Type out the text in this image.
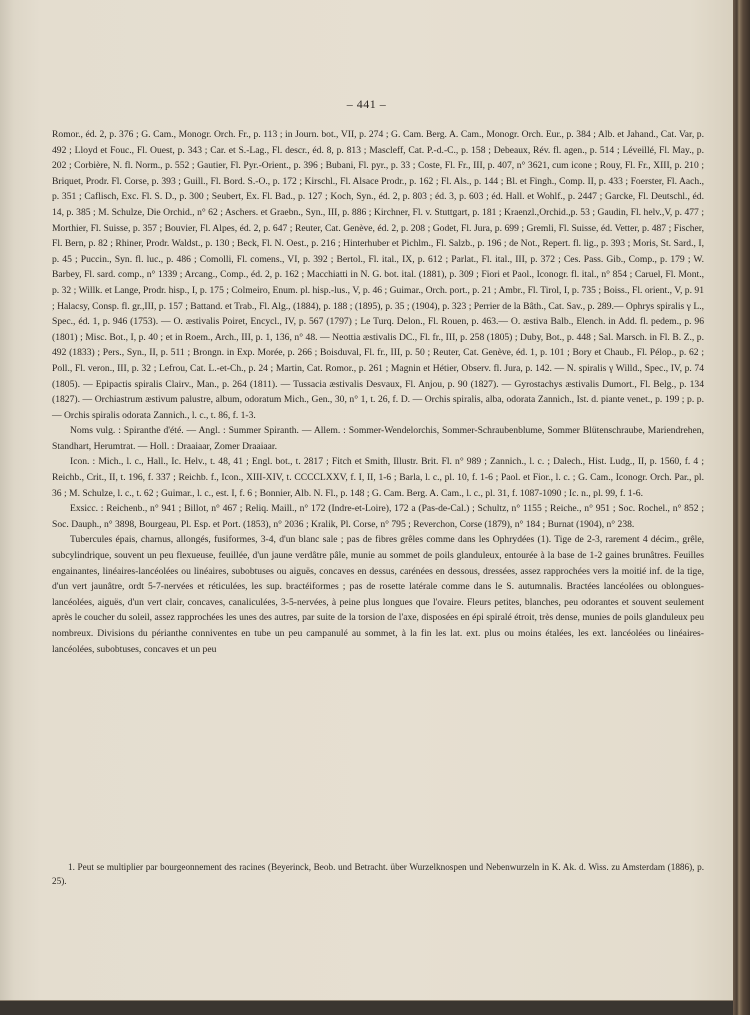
– 441 –

Romor., éd. 2, p. 376 ; G. Cam., Monogr. Orch. Fr., p. 113 ; in Journ. bot., VII, p. 274 ; G. Cam. Berg. A. Cam., Monogr. Orch. Eur., p. 384 ; Alb. et Jahand., Cat. Var, p. 492 ; Lloyd et Fouc., Fl. Ouest, p. 343 ; Car. et S.-Lag., Fl. descr., éd. 8, p. 813 ; Mascleff, Cat. P.-d.-C., p. 158 ; Debeaux, Rév. fl. agen., p. 514 ; Léveillé, Fl. May., p. 202 ; Corbière, N. fl. Norm., p. 552 ; Gautier, Fl. Pyr.-Orient., p. 396 ; Bubani, Fl. pyr., p. 33 ; Coste, Fl. Fr., III, p. 407, n° 3621, cum icone ; Rouy, Fl. Fr., XIII, p. 210 ; Briquet, Prodr. Fl. Corse, p. 393 ; Guill., Fl. Bord. S.-O., p. 172 ; Kirschl., Fl. Alsace Prodr., p. 162 ; Fl. Als., p. 144 ; Bl. et Fingh., Comp. II, p. 433 ; Foerster, Fl. Aach., p. 351 ; Caflisch, Exc. Fl. S. D., p. 300 ; Seubert, Ex. Fl. Bad., p. 127 ; Koch, Syn., éd. 2, p. 803 ; éd. 3, p. 603 ; éd. Hall. et Wohlf., p. 2447 ; Garcke, Fl. Deutschl., éd. 14, p. 385 ; M. Schulze, Die Orchid., n° 62 ; Aschers. et Graebn., Syn., III, p. 886 ; Kirchner, Fl. v. Stuttgart, p. 181 ; Kraenzl.,Orchid.,p. 53 ; Gaudin, Fl. helv.,V, p. 477 ; Morthier, Fl. Suisse, p. 357 ; Bouvier, Fl. Alpes, éd. 2, p. 647 ; Reuter, Cat. Genève, éd. 2, p. 208 ; Godet, Fl. Jura, p. 699 ; Gremli, Fl. Suisse, éd. Vetter, p. 487 ; Fischer, Fl. Bern, p. 82 ; Rhiner, Prodr. Waldst., p. 130 ; Beck, Fl. N. Oest., p. 216 ; Hinterhuber et Pichlm., Fl. Salzb., p. 196 ; de Not., Repert. fl. lig., p. 393 ; Moris, St. Sard., I, p. 45 ; Puccin., Syn. fl. luc., p. 486 ; Comolli, Fl. comens., VI, p. 392 ; Bertol., Fl. ital., IX, p. 612 ; Parlat., Fl. ital., III, p. 372 ; Ces. Pass. Gib., Comp., p. 179 ; W. Barbey, Fl. sard. comp., n° 1339 ; Arcang., Comp., éd. 2, p. 162 ; Macchiatti in N. G. bot. ital. (1881), p. 309 ; Fiori et Paol., Iconogr. fl. ital., n° 854 ; Caruel, Fl. Mont., p. 32 ; Willk. et Lange, Prodr. hisp., I, p. 175 ; Colmeiro, Enum. pl. hisp.-lus., V, p. 46 ; Guimar., Orch. port., p. 21 ; Ambr., Fl. Tirol, I, p. 735 ; Boiss., Fl. orient., V, p. 91 ; Halacsy, Consp. fl. gr.,III, p. 157 ; Battand. et Trab., Fl. Alg., (1884), p. 188 ; (1895), p. 35 ; (1904), p. 323 ; Perrier de la Bâth., Cat. Sav., p. 289.— Ophrys spiralis γ L., Spec., éd. 1, p. 946 (1753). — O. æstivalis Poiret, Encycl., IV, p. 567 (1797) ; Le Turq. Delon., Fl. Rouen, p. 463.— O. æstiva Balb., Elench. in Add. fl. pedem., p. 96 (1801) ; Misc. Bot., I, p. 40 ; et in Roem., Arch., III, p. 1, 136, n° 48. — Neottia æstivalis DC., Fl. fr., III, p. 258 (1805) ; Duby, Bot., p. 448 ; Sal. Marsch. in Fl. B. Z., p. 492 (1833) ; Pers., Syn., II, p. 511 ; Brongn. in Exp. Morée, p. 266 ; Boisduval, Fl. fr., III, p. 50 ; Reuter, Cat. Genève, éd. 1, p. 101 ; Bory et Chaub., Fl. Pélop., p. 62 ; Poll., Fl. veron., III, p. 32 ; Lefrou, Cat. L.-et-Ch., p. 24 ; Martin, Cat. Romor., p. 261 ; Magnin et Hétier, Observ. fl. Jura, p. 142. — N. spiralis γ Willd., Spec., IV, p. 74 (1805). — Epipactis spiralis Clairv., Man., p. 264 (1811). — Tussacia æstivalis Desvaux, Fl. Anjou, p. 90 (1827). — Gyrostachys æstivalis Dumort., Fl. Belg., p. 134 (1827). — Orchiastrum æstivum palustre, album, odoratum Mich., Gen., 30, n° 1, t. 26, f. D. — Orchis spiralis, alba, odorata Zannich., Ist. d. piante venet., p. 199 ; p. p. — Orchis spiralis odorata Zannich., l. c., t. 86, f. 1-3.

Noms vulg. : Spiranthe d'été. — Angl. : Summer Spiranth. — Allem. : Sommer-Wendelorchis, Sommer-Schraubenblume, Sommer Blütenschraube, Mariendrehen, Standhart, Herumtrat. — Holl. : Draaiaar, Zomer Draaiaar.

Icon. : Mich., l. c., Hall., Ic. Helv., t. 48, 41 ; Engl. bot., t. 2817 ; Fitch et Smith, Illustr. Brit. Fl. n° 989 ; Zannich., l. c. ; Dalech., Hist. Ludg., II, p. 1560, f. 4 ; Reichb., Crit., II, t. 196, f. 337 ; Reichb. f., Icon., XIII-XIV, t. CCCCLXXV, f. I, II, 1-6 ; Barla, l. c., pl. 10, f. 1-6 ; Paol. et Fior., l. c. ; G. Cam., Iconogr. Orch. Par., pl. 36 ; M. Schulze, l. c., t. 62 ; Guimar., l. c., est. I, f. 6 ; Bonnier, Alb. N. Fl., p. 148 ; G. Cam. Berg. A. Cam., l. c., pl. 31, f. 1087-1090 ; Ic. n., pl. 99, f. 1-6.

Exsicc. : Reichenb., n° 941 ; Billot, n° 467 ; Reliq. Maill., n° 172 (Indre-et-Loire), 172 a (Pas-de-Cal.) ; Schultz, n° 1155 ; Reiche., n° 951 ; Soc. Rochel., n° 852 ; Soc. Dauph., n° 3898, Bourgeau, Pl. Esp. et Port. (1853), n° 2036 ; Kralik, Pl. Corse, n° 795 ; Reverchon, Corse (1879), n° 184 ; Burnat (1904), n° 238.

Tubercules épais, charnus, allongés, fusiformes, 3-4, d'un blanc sale ; pas de fibres grêles comme dans les Ophrydées (1). Tige de 2-3, rarement 4 décim., grêle, subcylindrique, souvent un peu flexueuse, feuillée, d'un jaune verdâtre pâle, munie au sommet de poils glanduleux, entourée à la base de 1-2 gaines brunâtres. Feuilles engainantes, linéaires-lancéolées ou linéaires, subobtuses ou aiguës, concaves en dessus, carénées en dessous, dressées, assez rapprochées vers la moitié inf. de la tige, d'un vert jaunâtre, ordt 5-7-nervées et réticulées, les sup. bractéiformes ; pas de rosette latérale comme dans le S. autumnalis. Bractées lancéolées ou oblongues-lancéolées, aiguës, d'un vert clair, concaves, canaliculées, 3-5-nervées, à peine plus longues que l'ovaire. Fleurs petites, blanches, peu odorantes et souvent seulement après le coucher du soleil, assez rapprochées les unes des autres, par suite de la torsion de l'axe, disposées en épi spiralé étroit, très dense, munies de poils glanduleux peu nombreux. Divisions du périanthe conniventes en tube un peu campanulé au sommet, à la fin les lat. ext. plus ou moins étalées, les ext. lancéolées ou linéaires-lancéolées, subobtuses, concaves et un peu

1. Peut se multiplier par bourgeonnement des racines (Beyerinck, Beob. und Betracht. über Wurzelknospen und Nebenwurzeln in K. Ak. d. Wiss. zu Amsterdam (1886), p. 25).
